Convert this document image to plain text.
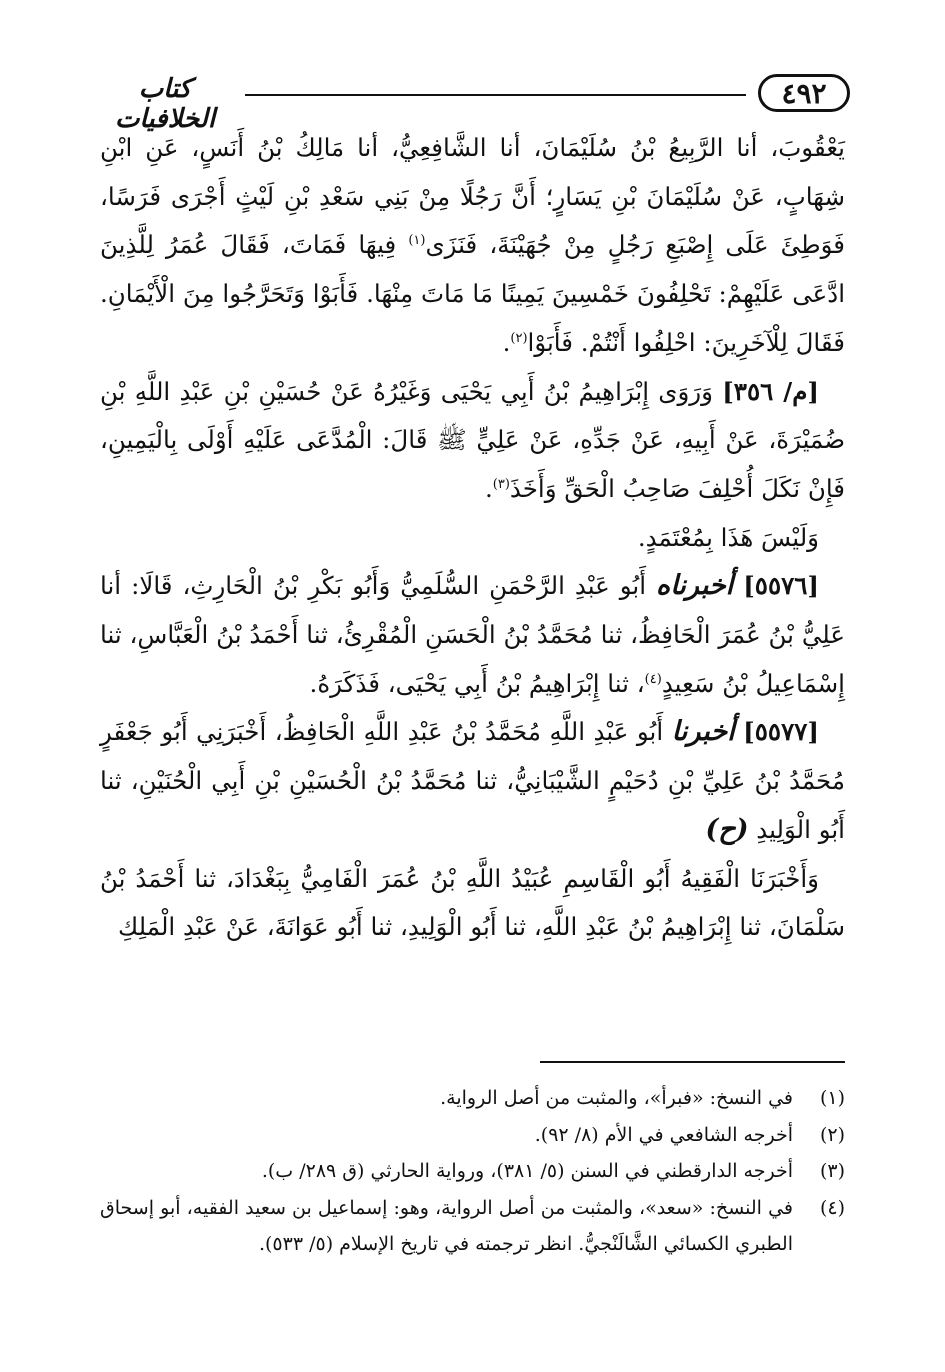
كتاب الخلافيات
٤٩٢

يَعْقُوبَ، أنا الرَّبِيعُ بْنُ سُلَيْمَانَ، أنا الشَّافِعِيُّ، أنا مَالِكُ بْنُ أَنَسٍ، عَنِ ابْنِ شِهَابٍ، عَنْ سُلَيْمَانَ بْنِ يَسَارٍ؛ أَنَّ رَجُلًا مِنْ بَنِي سَعْدِ بْنِ لَيْثٍ أَجْرَى فَرَسًا، فَوَطِئَ عَلَى إِصْبَعِ رَجُلٍ مِنْ جُهَيْنَةَ، فَنَزَى$^{(١)}$ فِيهَا فَمَاتَ، فَقَالَ عُمَرُ لِلَّذِينَ ادَّعَى عَلَيْهِمْ: تَحْلِفُونَ خَمْسِينَ يَمِينًا مَا مَاتَ مِنْهَا. فَأَبَوْا وَتَحَرَّجُوا مِنَ الْأَيْمَانِ. فَقَالَ لِلْآخَرِينَ: احْلِفُوا أَنْتُمْ. فَأَبَوْا$^{(٢)}$.

[م/ ٣٥٦] وَرَوَى إِبْرَاهِيمُ بْنُ أَبِي يَحْيَى وَغَيْرُهُ عَنْ حُسَيْنِ بْنِ عَبْدِ اللَّهِ بْنِ ضُمَيْرَةَ، عَنْ أَبِيهِ، عَنْ جَدِّهِ، عَنْ عَلِيٍّ ﷺ قَالَ: الْمُدَّعَى عَلَيْهِ أَوْلَى بِالْيَمِينِ، فَإِنْ نَكَلَ أُحْلِفَ صَاحِبُ الْحَقِّ وَأَخَذَ$^{(٣)}$.

وَلَيْسَ هَذَا بِمُعْتَمَدٍ.

[٥٥٧٦] أخبرناه أَبُو عَبْدِ الرَّحْمَنِ السُّلَمِيُّ وَأَبُو بَكْرِ بْنُ الْحَارِثِ، قَالَا: أنا عَلِيُّ بْنُ عُمَرَ الْحَافِظُ، ثنا مُحَمَّدُ بْنُ الْحَسَنِ الْمُقْرِئُ، ثنا أَحْمَدُ بْنُ الْعَبَّاسِ، ثنا إِسْمَاعِيلُ بْنُ سَعِيدٍ$^{(٤)}$، ثنا إِبْرَاهِيمُ بْنُ أَبِي يَحْيَى، فَذَكَرَهُ.

[٥٥٧٧] أخبرنا أَبُو عَبْدِ اللَّهِ مُحَمَّدُ بْنُ عَبْدِ اللَّهِ الْحَافِظُ، أَخْبَرَنِي أَبُو جَعْفَرٍ مُحَمَّدُ بْنُ عَلِيِّ بْنِ دُحَيْمٍ الشَّيْبَانِيُّ، ثنا مُحَمَّدُ بْنُ الْحُسَيْنِ بْنِ أَبِي الْحُنَيْنِ، ثنا أَبُو الْوَلِيدِ (ح)

وَأَخْبَرَنَا الْفَقِيهُ أَبُو الْقَاسِمِ عُبَيْدُ اللَّهِ بْنُ عُمَرَ الْفَامِيُّ بِبَغْدَادَ، ثنا أَحْمَدُ بْنُ سَلْمَانَ، ثنا إِبْرَاهِيمُ بْنُ عَبْدِ اللَّهِ، ثنا أَبُو الْوَلِيدِ، ثنا أَبُو عَوَانَةَ، عَنْ عَبْدِ الْمَلِكِ

(١)
في النسخ: «فبرأ»، والمثبت من أصل الرواية.
(٢)
أخرجه الشافعي في الأم (٨/ ٩٢).
(٣)
أخرجه الدارقطني في السنن (٥/ ٣٨١)، ورواية الحارثي (ق ٢٨٩/ ب).
(٤)
في النسخ: «سعد»، والمثبت من أصل الرواية، وهو: إسماعيل بن سعيد الفقيه، أبو إسحاق الطبري الكسائي الشَّالَنْجيُّ. انظر ترجمته في تاريخ الإسلام (٥/ ٥٣٣).
